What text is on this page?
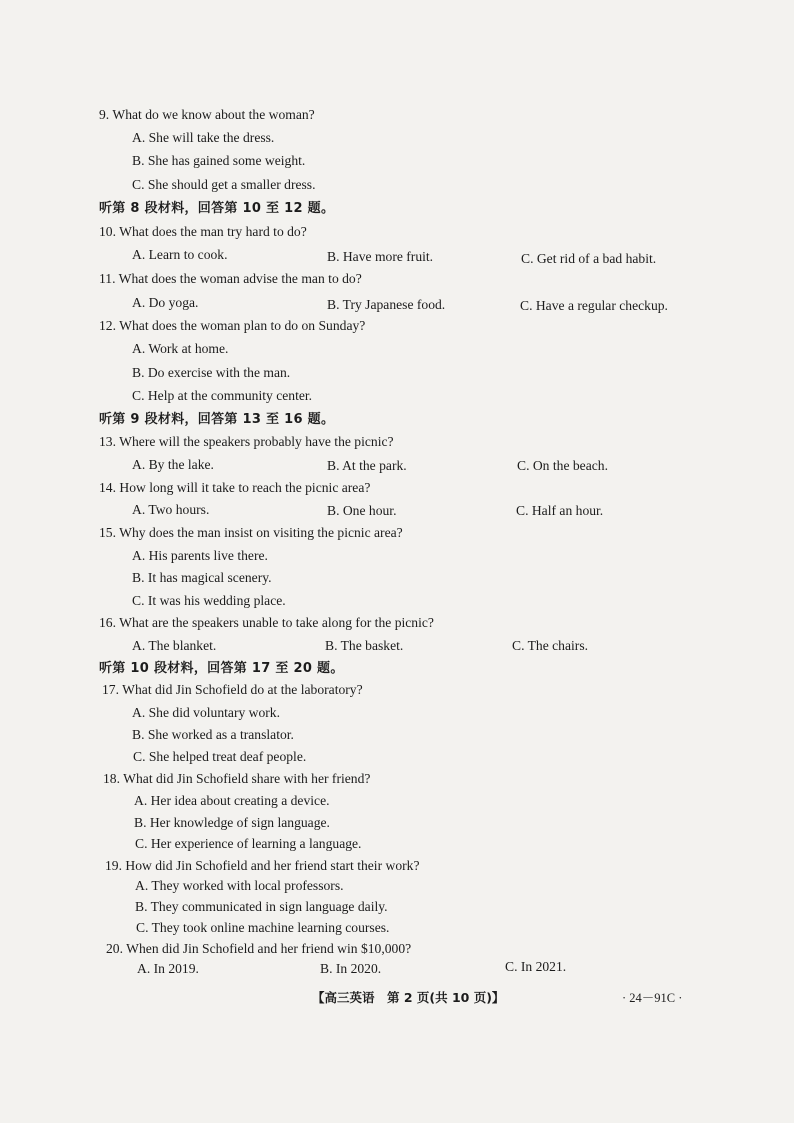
9. What do we know about the woman?
A. She will take the dress.
B. She has gained some weight.
C. She should get a smaller dress.
听第 8 段材料，回答第 10 至 12 题。
10. What does the man try hard to do?
A. Learn to cook.	B. Have more fruit.	C. Get rid of a bad habit.
11. What does the woman advise the man to do?
A. Do yoga.	B. Try Japanese food.	C. Have a regular checkup.
12. What does the woman plan to do on Sunday?
A. Work at home.
B. Do exercise with the man.
C. Help at the community center.
听第 9 段材料，回答第 13 至 16 题。
13. Where will the speakers probably have the picnic?
A. By the lake.	B. At the park.	C. On the beach.
14. How long will it take to reach the picnic area?
A. Two hours.	B. One hour.	C. Half an hour.
15. Why does the man insist on visiting the picnic area?
A. His parents live there.
B. It has magical scenery.
C. It was his wedding place.
16. What are the speakers unable to take along for the picnic?
A. The blanket.	B. The basket.	C. The chairs.
听第 10 段材料，回答第 17 至 20 题。
17. What did Jin Schofield do at the laboratory?
A. She did voluntary work.
B. She worked as a translator.
C. She helped treat deaf people.
18. What did Jin Schofield share with her friend?
A. Her idea about creating a device.
B. Her knowledge of sign language.
C. Her experience of learning a language.
19. How did Jin Schofield and her friend start their work?
A. They worked with local professors.
B. They communicated in sign language daily.
C. They took online machine learning courses.
20. When did Jin Schofield and her friend win $10,000?
A. In 2019.	B. In 2020.	C. In 2021.
【高三英语　第 2 页(共 10 页)】	· 24－91C ·
